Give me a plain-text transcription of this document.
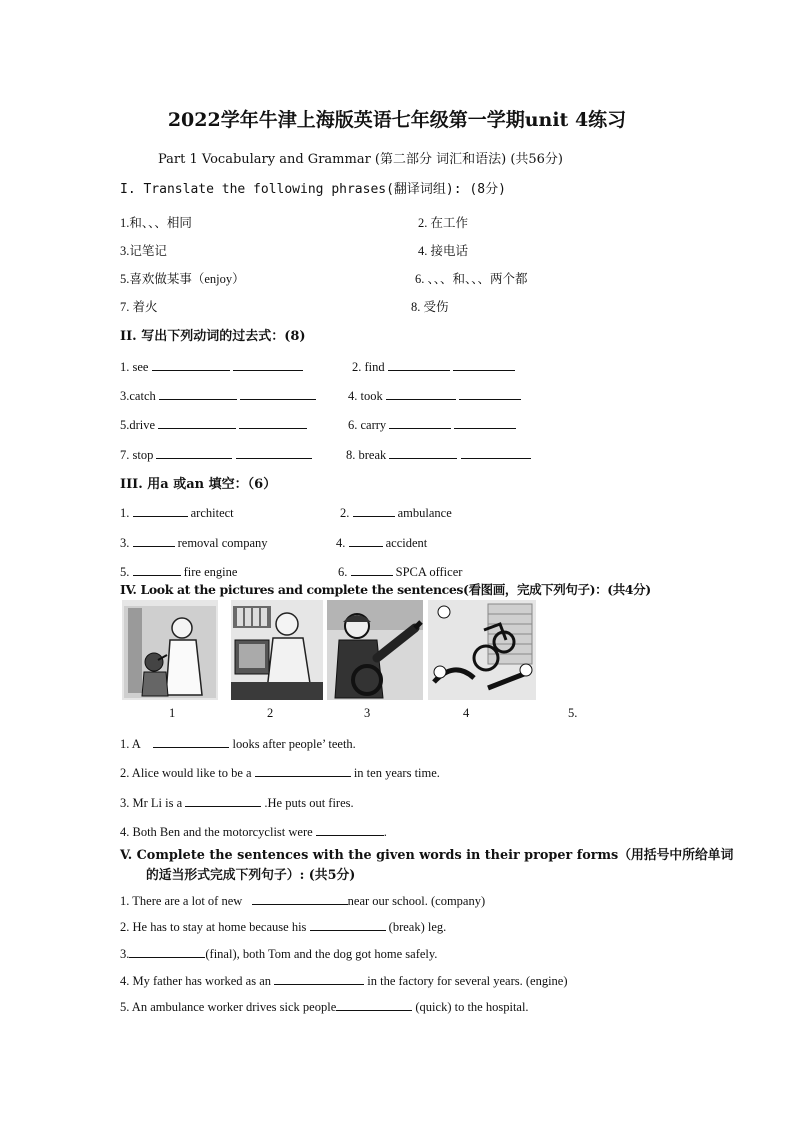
2022学年牛津上海版英语七年级第一学期unit 4练习
Part 1 Vocabulary and Grammar (第二部分 词汇和语法) (共56分)
I. Translate the following phrases(翻译词组): (8分)
1.和、、、相同	2. 在工作
3.记笔记	4. 接电话
5.喜欢做某事（enjoy）	6. 、、、和、、、两个都
7. 着火	8. 受伤
II. 写出下列动词的过去式：(8)
1. see	2. find
3.catch	4. took
5.drive	6. carry
7. stop	8. break
III. 用a 或an 填空：（6）
1.	architect	2.	ambulance
3.	removal company	4.	accident
5.	fire engine	6.	SPCA officer
IV. Look at the pictures and complete the sentences(看图画，完成下列句子)：(共4分)
1	2	3	4	5.
1. A	looks after people’ teeth.
2. Alice would like to be a	in ten years time.
3. Mr Li is a	.He puts out fires.
4. Both Ben and the motorcyclist were	.
V. Complete the sentences with the given words in their proper forms（用括号中所给单词
的适当形式完成下列句子）: (共5分)
1. There are a lot of new	near our school. (company)
2. He has to stay at home because his	(break) leg.
3.	(final), both Tom and the dog got home safely.
4. My father has worked as an	in the factory for several years. (engine)
5. An ambulance worker drives sick people	(quick) to the hospital.
